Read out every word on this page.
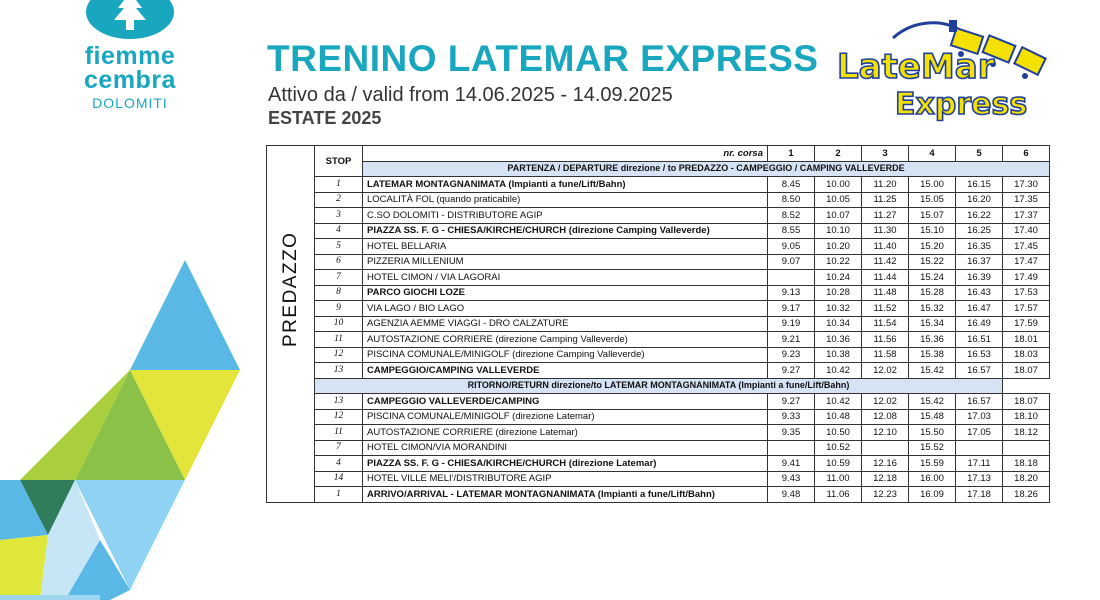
fiemme
cembra
DOLOMITI
TRENINO LATEMAR EXPRESS
Attivo da / valid from 14.06.2025 - 14.09.2025
ESTATE 2025
LateMar
Express
PREDAZZO	STOP	nr. corsa	1	2	3	4	5	6
		PARTENZA / DEPARTURE direzione / to PREDAZZO - CAMPEGGIO / CAMPING VALLEVERDE						
	1	LATEMAR MONTAGNANIMATA (Impianti a fune/Lift/Bahn)	8.45	10.00	11.20	15.00	16.15	17.30
	2	LOCALITÀ FOL (quando praticabile)	8.50	10.05	11.25	15.05	16.20	17.35
	3	C.SO DOLOMITI - DISTRIBUTORE AGIP	8.52	10.07	11.27	15.07	16.22	17.37
	4	PIAZZA SS. F. G - CHIESA/KIRCHE/CHURCH (direzione Camping Valleverde)	8.55	10.10	11.30	15.10	16.25	17.40
	5	HOTEL BELLARIA	9.05	10.20	11.40	15.20	16.35	17.45
	6	PIZZERIA MILLENIUM	9.07	10.22	11.42	15.22	16.37	17.47
	7	HOTEL CIMON / VIA LAGORAI		10.24	11.44	15.24	16.39	17.49
	8	PARCO GIOCHI LOZE	9.13	10.28	11.48	15.28	16.43	17.53
	9	VIA LAGO / BIO LAGO	9.17	10.32	11.52	15.32	16.47	17.57
	10	AGENZIA AEMME VIAGGI - DRO CALZATURE	9.19	10.34	11.54	15.34	16.49	17.59
	11	AUTOSTAZIONE CORRIERE (direzione Camping Valleverde)	9.21	10.36	11.56	15.36	16.51	18.01
	12	PISCINA COMUNALE/MINIGOLF (direzione Camping Valleverde)	9.23	10.38	11.58	15.38	16.53	18.03
	13	CAMPEGGIO/CAMPING VALLEVERDE	9.27	10.42	12.02	15.42	16.57	18.07
	RITORNO/RETURN direzione/to LATEMAR MONTAGNANIMATA (Impianti a fune/Lift/Bahn)							
	13	CAMPEGGIO VALLEVERDE/CAMPING	9.27	10.42	12.02	15.42	16.57	18.07
	12	PISCINA COMUNALE/MINIGOLF (direzione Latemar)	9.33	10.48	12.08	15.48	17.03	18.10
	11	AUTOSTAZIONE CORRIERE (direzione Latemar)	9.35	10.50	12.10	15.50	17.05	18.12
	7	HOTEL CIMON/VIA MORANDINI		10.52		15.52		
	4	PIAZZA SS. F. G - CHIESA/KIRCHE/CHURCH (direzione Latemar)	9.41	10.59	12.16	15.59	17.11	18.18
	14	HOTEL VILLE MELI'/DISTRIBUTORE AGIP	9.43	11.00	12.18	16.00	17.13	18.20
	1	ARRIVO/ARRIVAL - LATEMAR MONTAGNANIMATA (Impianti a fune/Lift/Bahn)	9.48	11.06	12.23	16.09	17.18	18.26
